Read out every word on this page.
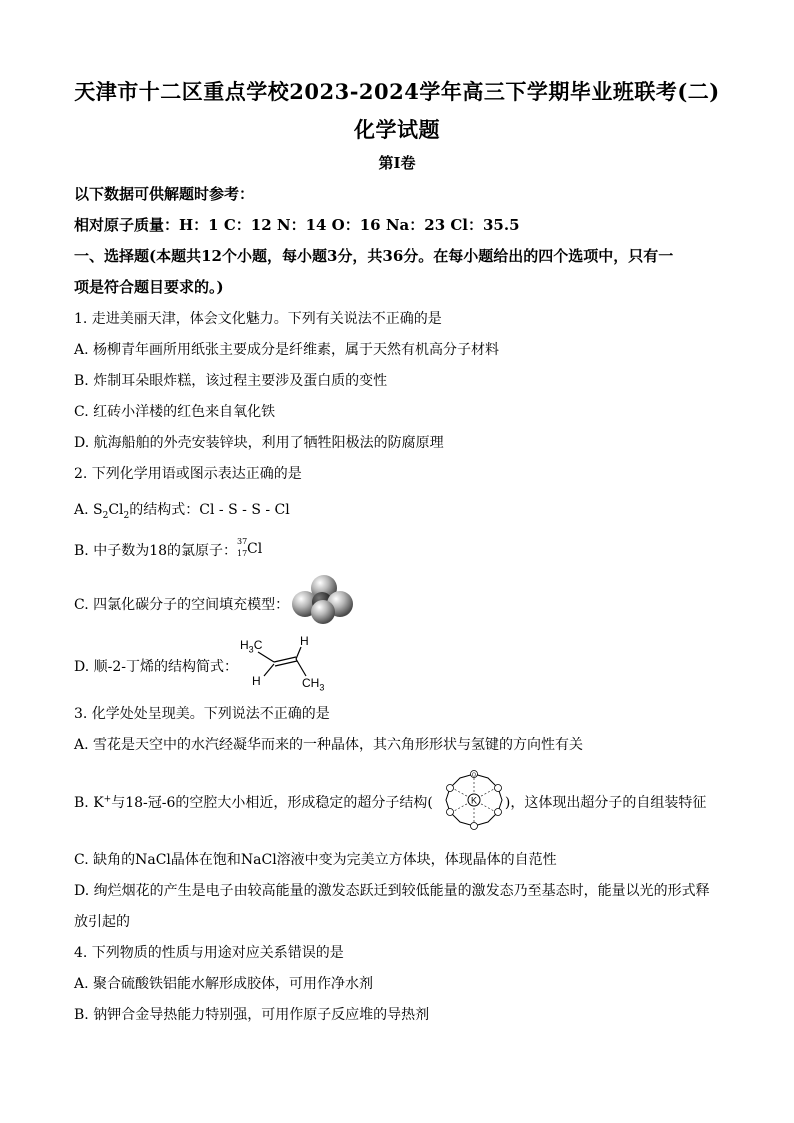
天津市十二区重点学校2023-2024学年高三下学期毕业班联考(二)
化学试题
第Ⅰ卷
以下数据可供解题时参考：
相对原子质量：H：1 C：12 N：14 O：16 Na：23 Cl：35.5
一、选择题(本题共12个小题，每小题3分，共36分。在每小题给出的四个选项中，只有一
项是符合题目要求的。)
1. 走进美丽天津，体会文化魅力。下列有关说法不正确的是
A. 杨柳青年画所用纸张主要成分是纤维素，属于天然有机高分子材料
B. 炸制耳朵眼炸糕，该过程主要涉及蛋白质的变性
C. 红砖小洋楼的红色来自氧化铁
D. 航海船舶的外壳安装锌块，利用了牺牲阳极法的防腐原理
2. 下列化学用语或图示表达正确的是
A. $S_2Cl_2$的结构式：Cl - S - S - Cl
B. 中子数为18的氯原子：
37
17 Cl
C. 四氯化碳分子的空间填充模型：
D. 顺-2-丁烯的结构简式：
$H_3C$	H
H	$CH_3$
3. 化学处处呈现美。下列说法不正确的是
A. 雪花是天空中的水汽经凝华而来的一种晶体，其六角形形状与氢键的方向性有关
B. K+与18-冠-6的空腔大小相近，形成稳定的超分子结构(	)，这体现出超分子的自组装特征
K
O
C. 缺角的NaCl晶体在饱和NaCl溶液中变为完美立方体块，体现晶体的自范性
D. 绚烂烟花的产生是电子由较高能量的激发态跃迁到较低能量的激发态乃至基态时，能量以光的形式释
放引起的
4. 下列物质的性质与用途对应关系错误的是
A. 聚合硫酸铁铝能水解形成胶体，可用作净水剂
B. 钠钾合金导热能力特别强，可用作原子反应堆的导热剂
